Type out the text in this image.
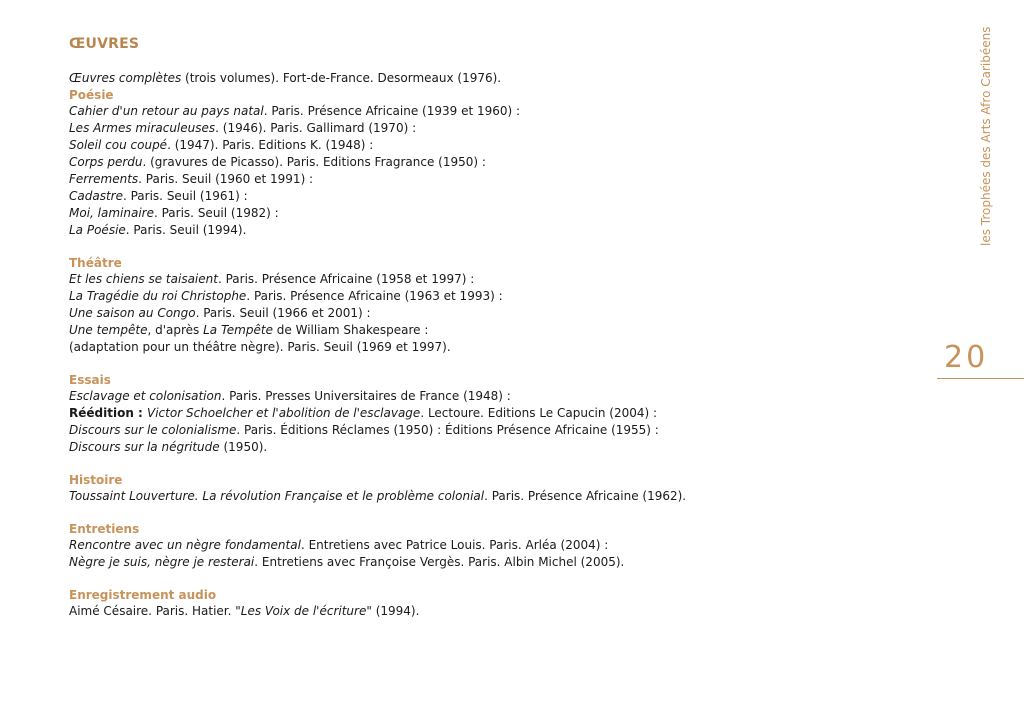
ŒUVRES

Œuvres complètes (trois volumes). Fort-de-France. Desormeaux (1976).

Poésie

Cahier d'un retour au pays natal. Paris. Présence Africaine (1939 et 1960) :

Les Armes miraculeuses. (1946). Paris. Gallimard (1970) :

Soleil cou coupé. (1947). Paris. Editions K. (1948) :

Corps perdu. (gravures de Picasso). Paris. Editions Fragrance (1950) :

Ferrements. Paris. Seuil (1960 et 1991) :

Cadastre. Paris. Seuil (1961) :

Moi, laminaire. Paris. Seuil (1982) :

La Poésie. Paris. Seuil (1994).

Théâtre

Et les chiens se taisaient. Paris. Présence Africaine (1958 et 1997) :

La Tragédie du roi Christophe. Paris. Présence Africaine (1963 et 1993) :

Une saison au Congo. Paris. Seuil (1966 et 2001) :

Une tempête, d'après La Tempête de William Shakespeare :

(adaptation pour un théâtre nègre). Paris. Seuil (1969 et 1997).

Essais

Esclavage et colonisation. Paris. Presses Universitaires de France (1948) :

Réédition : Victor Schoelcher et l'abolition de l'esclavage. Lectoure. Editions Le Capucin (2004) :

Discours sur le colonialisme. Paris. Éditions Réclames (1950) : Éditions Présence Africaine (1955) :

Discours sur la négritude (1950).

Histoire

Toussaint Louverture. La révolution Française et le problème colonial. Paris. Présence Africaine (1962).

Entretiens

Rencontre avec un nègre fondamental. Entretiens avec Patrice Louis. Paris. Arléa (2004) :

Nègre je suis, nègre je resterai. Entretiens avec Françoise Vergès. Paris. Albin Michel (2005).

Enregistrement audio

Aimé Césaire. Paris. Hatier. "Les Voix de l'écriture" (1994).

les Trophées des Arts Afro Caribéens
20
